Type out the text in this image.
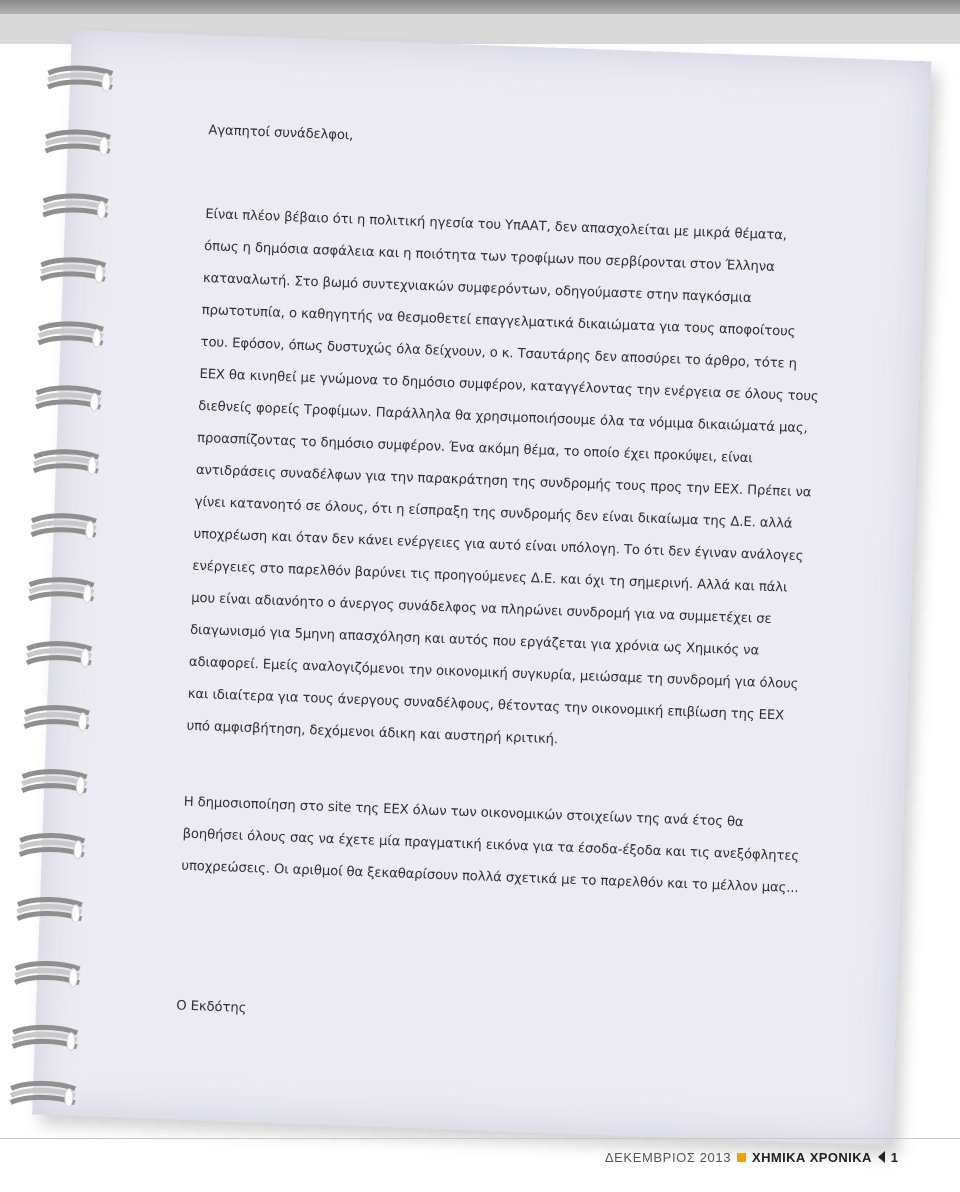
Αγαπητοί συνάδελφοι,

Είναι πλέον βέβαιο ότι η πολιτική ηγεσία του ΥπΑΑΤ, δεν απασχολείται με μικρά θέματα, όπως η δημόσια ασφάλεια και η ποιότητα των τροφίμων που σερβίρονται στον Έλληνα καταναλωτή. Στο βωμό συντεχνιακών συμφερόντων, οδηγούμαστε στην παγκόσμια πρωτοτυπία, ο καθηγητής να θεσμοθετεί επαγγελματικά δικαιώματα για τους αποφοίτους του. Εφόσον, όπως δυστυχώς όλα δείχνουν, ο κ. Τσαυτάρης δεν αποσύρει το άρθρο, τότε η ΕΕΧ θα κινηθεί με γνώμονα το δημόσιο συμφέρον, καταγγέλοντας την ενέργεια σε όλους τους διεθνείς φορείς Τροφίμων. Παράλληλα θα χρησιμοποιήσουμε όλα τα νόμιμα δικαιώματά μας, προασπίζοντας το δημόσιο συμφέρον. Ένα ακόμη θέμα, το οποίο έχει προκύψει, είναι αντιδράσεις συναδέλφων για την παρακράτηση της συνδρομής τους προς την ΕΕΧ. Πρέπει να γίνει κατανοητό σε όλους, ότι η είσπραξη της συνδρομής δεν είναι δικαίωμα της Δ.Ε. αλλά υποχρέωση και όταν δεν κάνει ενέργειες για αυτό είναι υπόλογη. Το ότι δεν έγιναν ανάλογες ενέργειες στο παρελθόν βαρύνει τις προηγούμενες Δ.Ε. και όχι τη σημερινή. Αλλά και πάλι μου είναι αδιανόητο ο άνεργος συνάδελφος να πληρώνει συνδρομή για να συμμετέχει σε διαγωνισμό για 5μηνη απασχόληση και αυτός που εργάζεται για χρόνια ως Χημικός να αδιαφορεί. Εμείς αναλογιζόμενοι την οικονομική συγκυρία, μειώσαμε τη συνδρομή για όλους και ιδιαίτερα για τους άνεργους συναδέλφους, θέτοντας την οικονομική επιβίωση της ΕΕΧ υπό αμφισβήτηση, δεχόμενοι άδικη και αυστηρή κριτική.

Η δημοσιοποίηση στο site της ΕΕΧ όλων των οικονομικών στοιχείων της ανά έτος θα βοηθήσει όλους σας να έχετε μία πραγματική εικόνα για τα έσοδα-έξοδα και τις ανεξόφλητες υποχρεώσεις. Οι αριθμοί θα ξεκαθαρίσουν πολλά σχετικά με το παρελθόν και το μέλλον μας...

Ο Εκδότης

ΔΕΚΕΜΒΡΙΟΣ 2013 ΧΗΜΙΚΑ ΧΡΟΝΙΚΑ 1
